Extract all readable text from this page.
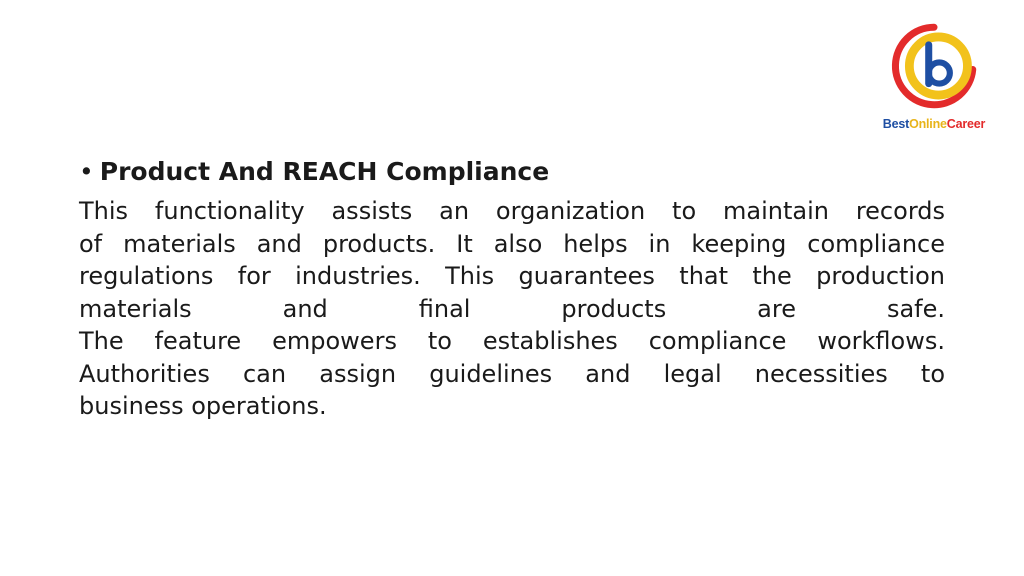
BestOnlineCareer

• Product And REACH Compliance

This functionality assists an organization to maintain records
of materials and products. It also helps in keeping compliance
regulations for industries. This guarantees that the production
materials and final products are safe.
The feature empowers to establishes compliance workflows.
Authorities can assign guidelines and legal necessities to
business operations.
